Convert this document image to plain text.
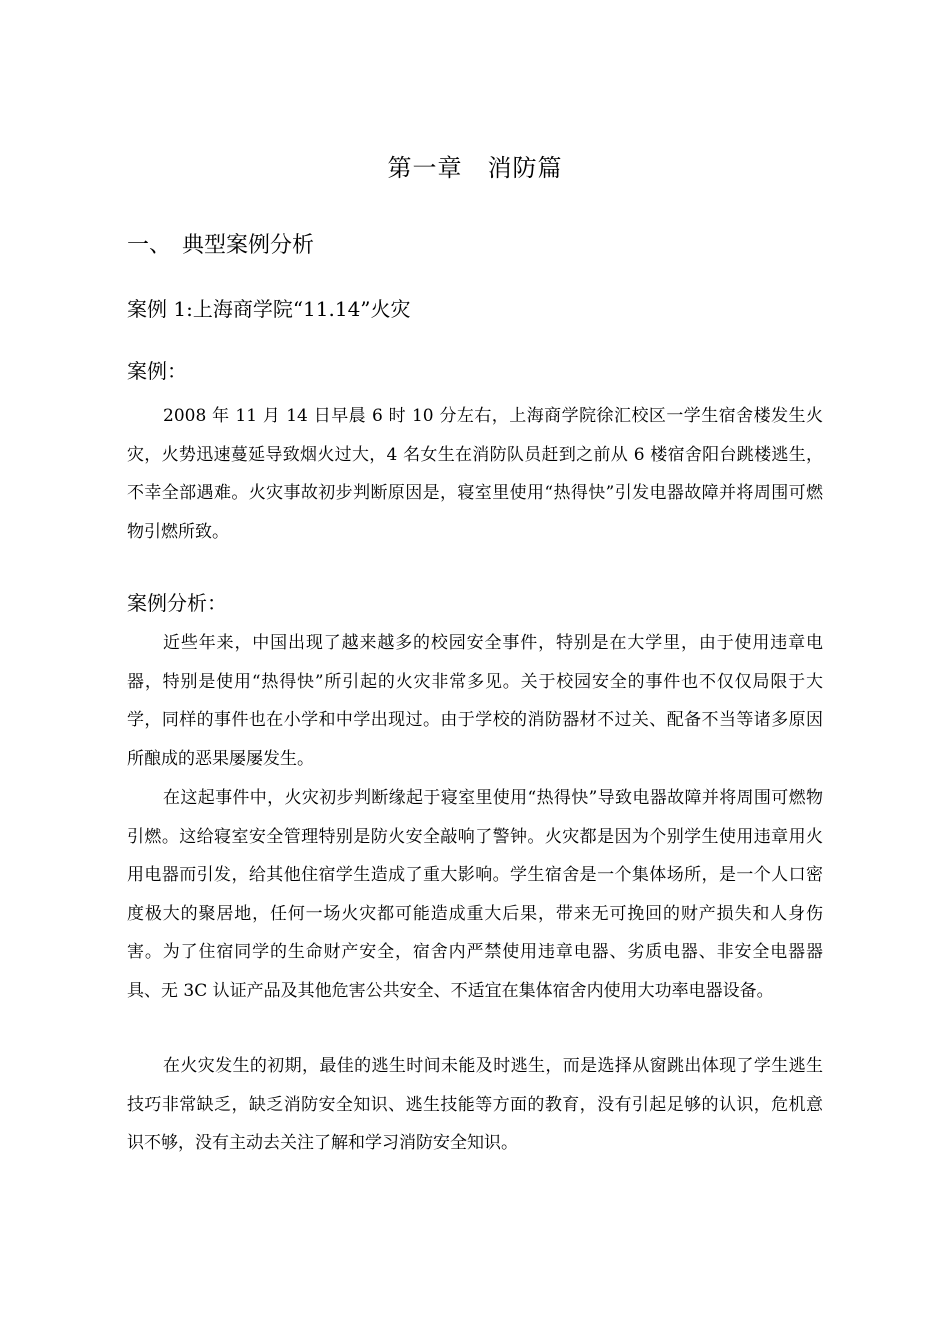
第一章　消防篇
一、　典型案例分析
案例 1:上海商学院“11.14”火灾
案例：

2008 年 11 月 14 日早晨 6 时 10 分左右，上海商学院徐汇校区一学生宿舍楼发生火灾，火势迅速蔓延导致烟火过大，4 名女生在消防队员赶到之前从 6 楼宿舍阳台跳楼逃生，不幸全部遇难。火灾事故初步判断原因是，寝室里使用“热得快”引发电器故障并将周围可燃物引燃所致。

案例分析：

近些年来，中国出现了越来越多的校园安全事件，特别是在大学里，由于使用违章电器，特别是使用“热得快”所引起的火灾非常多见。关于校园安全的事件也不仅仅局限于大学，同样的事件也在小学和中学出现过。由于学校的消防器材不过关、配备不当等诸多原因所酿成的恶果屡屡发生。

在这起事件中，火灾初步判断缘起于寝室里使用“热得快”导致电器故障并将周围可燃物引燃。这给寝室安全管理特别是防火安全敲响了警钟。火灾都是因为个别学生使用违章用火用电器而引发，给其他住宿学生造成了重大影响。学生宿舍是一个集体场所，是一个人口密度极大的聚居地，任何一场火灾都可能造成重大后果，带来无可挽回的财产损失和人身伤害。为了住宿同学的生命财产安全，宿舍内严禁使用违章电器、劣质电器、非安全电器器具、无 3C 认证产品及其他危害公共安全、不适宜在集体宿舍内使用大功率电器设备。

在火灾发生的初期，最佳的逃生时间未能及时逃生，而是选择从窗跳出体现了学生逃生技巧非常缺乏，缺乏消防安全知识、逃生技能等方面的教育，没有引起足够的认识，危机意识不够，没有主动去关注了解和学习消防安全知识。
